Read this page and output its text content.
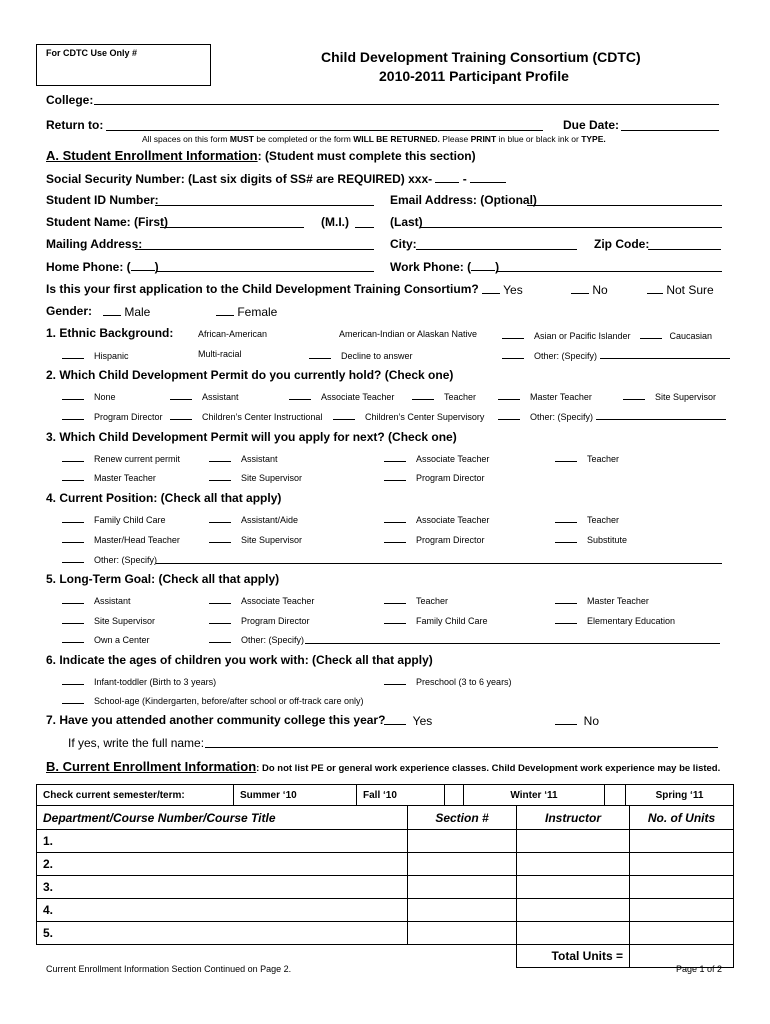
For CDTC Use Only #	Child Development Training Consortium (CDTC)
2010-2011 Participant Profile
College:
Return to:	Due Date:
All spaces on this form MUST be completed or the form WILL BE RETURNED. Please PRINT in blue or black ink or TYPE.
A. Student Enrollment Information: (Student must complete this section)
Social Security Number: (Last six digits of SS# are REQUIRED) xxx-	-
Student ID Number:	Email Address: (Optional)
Student Name: (First)	(M.I.)	(Last)
Mailing Address:	City:	Zip Code:
Home Phone: ( )	Work Phone: ( )
Is this your first application to the Child Development Training Consortium?	Yes	No	Not Sure
Gender:	Male	Female
1. Ethnic Background:	African-American	American-Indian or Alaskan Native	Asian or Pacific Islander	Caucasian
Hispanic	Multi-racial	Decline to answer	Other: (Specify)
2. Which Child Development Permit do you currently hold? (Check one)
None	Assistant	Associate Teacher	Teacher	Master Teacher	Site Supervisor
Program Director	Children’s Center Instructional	Children’s Center Supervisory	Other: (Specify)
3. Which Child Development Permit will you apply for next? (Check one)
Renew current permit	Assistant	Associate Teacher	Teacher
Master Teacher	Site Supervisor	Program Director
4. Current Position: (Check all that apply)
Family Child Care	Assistant/Aide	Associate Teacher	Teacher
Master/Head Teacher	Site Supervisor	Program Director	Substitute
Other: (Specify)
5. Long-Term Goal: (Check all that apply)
Assistant	Associate Teacher	Teacher	Master Teacher
Site Supervisor	Program Director	Family Child Care	Elementary Education
Own a Center	Other: (Specify)
6. Indicate the ages of children you work with: (Check all that apply)
Infant-toddler (Birth to 3 years)	Preschool (3 to 6 years)
School-age (Kindergarten, before/after school or off-track care only)
7. Have you attended another community college this year?	Yes	No
If yes, write the full name:
B. Current Enrollment Information: Do not list PE or general work experience classes. Child Development work experience may be listed.
Check current semester/term:	Summer ‘10	Fall ‘10		Winter ‘11		Spring ‘11
Department/Course Number/Course Title	Section #	Instructor	No. of Units
1.			
2.			
3.			
4.			
5.			
		Total Units =	
Current Enrollment Information Section Continued on Page 2.	Page 1 of 2
